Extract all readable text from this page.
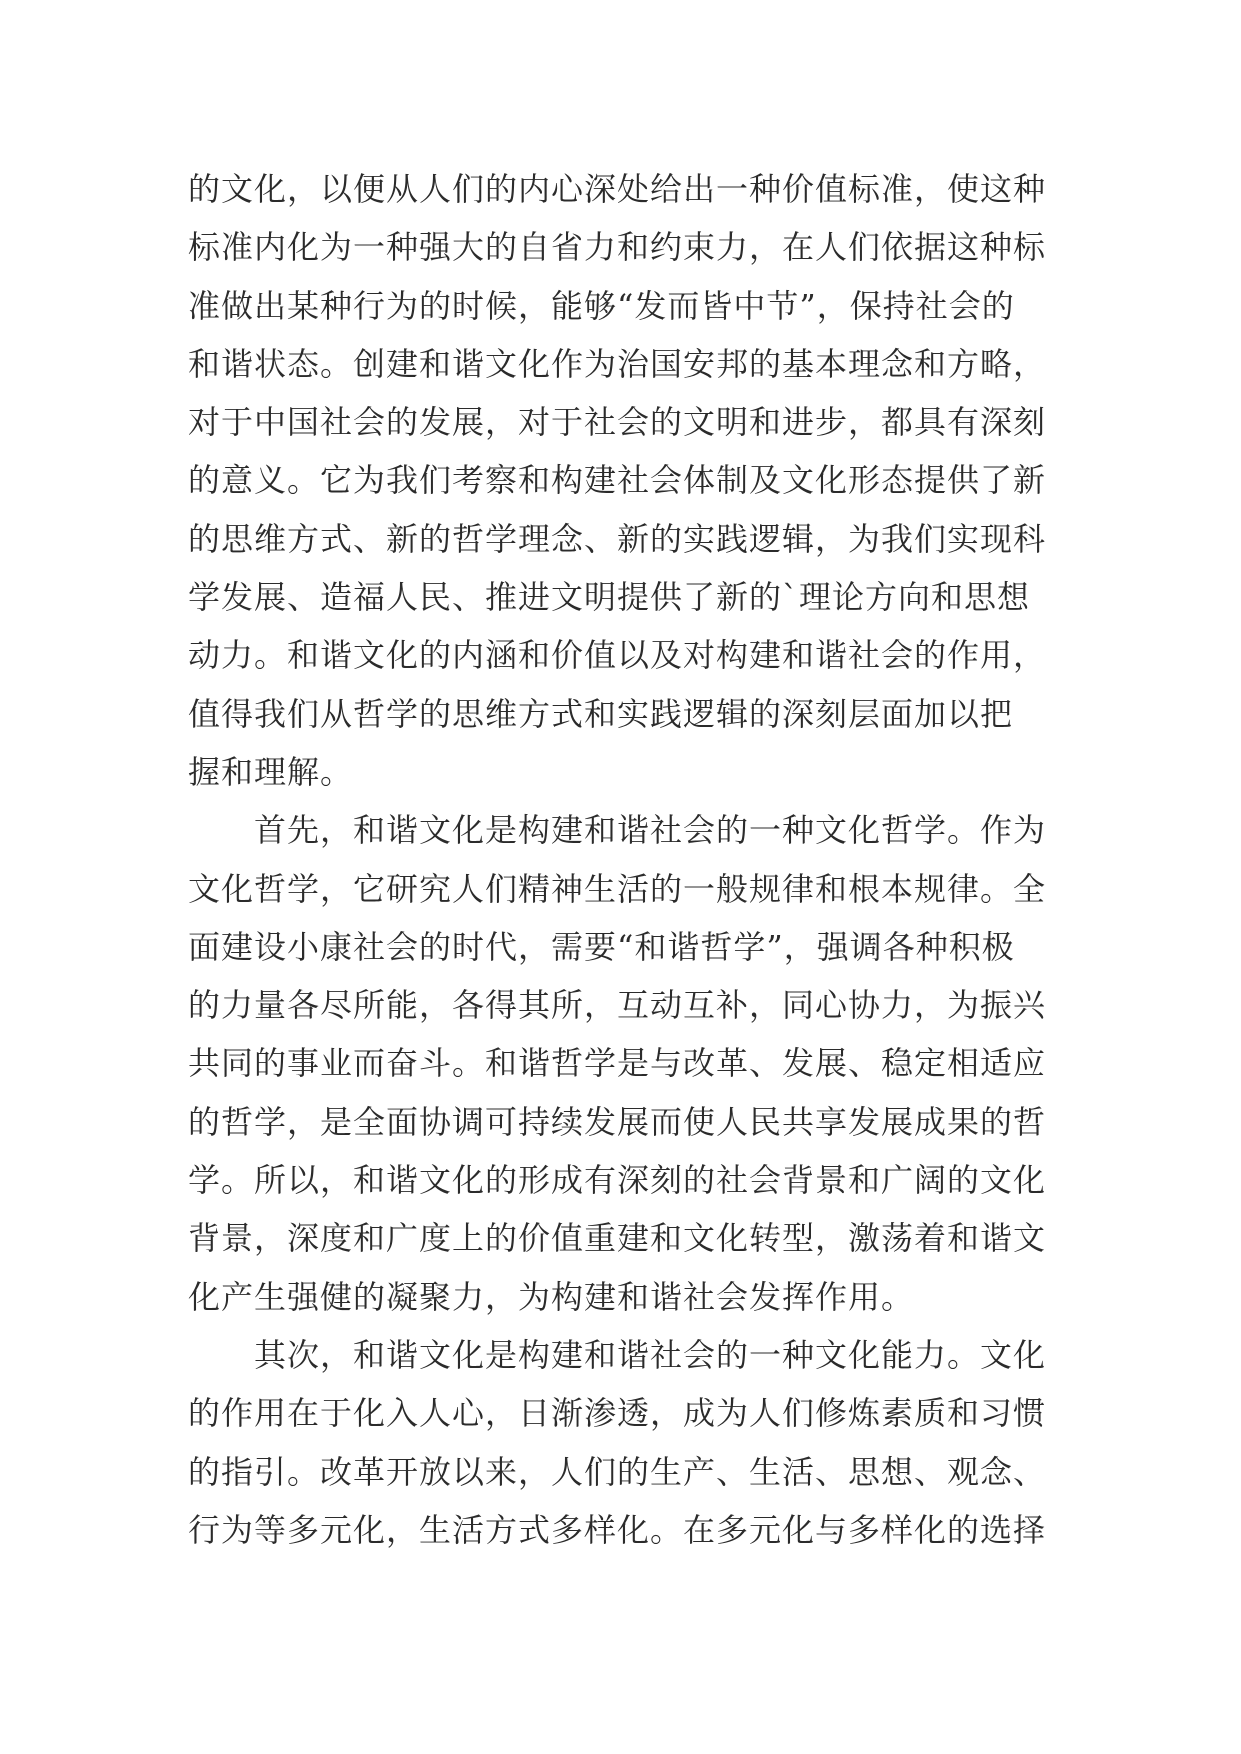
的文化，以便从人们的内心深处给出一种价值标准，使这种
标准内化为一种强大的自省力和约束力，在人们依据这种标
准做出某种行为的时候，能够“发而皆中节”，保持社会的
和谐状态。创建和谐文化作为治国安邦的基本理念和方略，
对于中国社会的发展，对于社会的文明和进步，都具有深刻
的意义。它为我们考察和构建社会体制及文化形态提供了新
的思维方式、新的哲学理念、新的实践逻辑，为我们实现科
学发展、造福人民、推进文明提供了新的`理论方向和思想
动力。和谐文化的内涵和价值以及对构建和谐社会的作用，
值得我们从哲学的思维方式和实践逻辑的深刻层面加以把
握和理解。
首先，和谐文化是构建和谐社会的一种文化哲学。作为
文化哲学，它研究人们精神生活的一般规律和根本规律。全
面建设小康社会的时代，需要“和谐哲学”，强调各种积极
的力量各尽所能，各得其所，互动互补，同心协力，为振兴
共同的事业而奋斗。和谐哲学是与改革、发展、稳定相适应
的哲学，是全面协调可持续发展而使人民共享发展成果的哲
学。所以，和谐文化的形成有深刻的社会背景和广阔的文化
背景，深度和广度上的价值重建和文化转型，激荡着和谐文
化产生强健的凝聚力，为构建和谐社会发挥作用。
其次，和谐文化是构建和谐社会的一种文化能力。文化
的作用在于化入人心，日渐渗透，成为人们修炼素质和习惯
的指引。改革开放以来，人们的生产、生活、思想、观念、
行为等多元化，生活方式多样化。在多元化与多样化的选择
